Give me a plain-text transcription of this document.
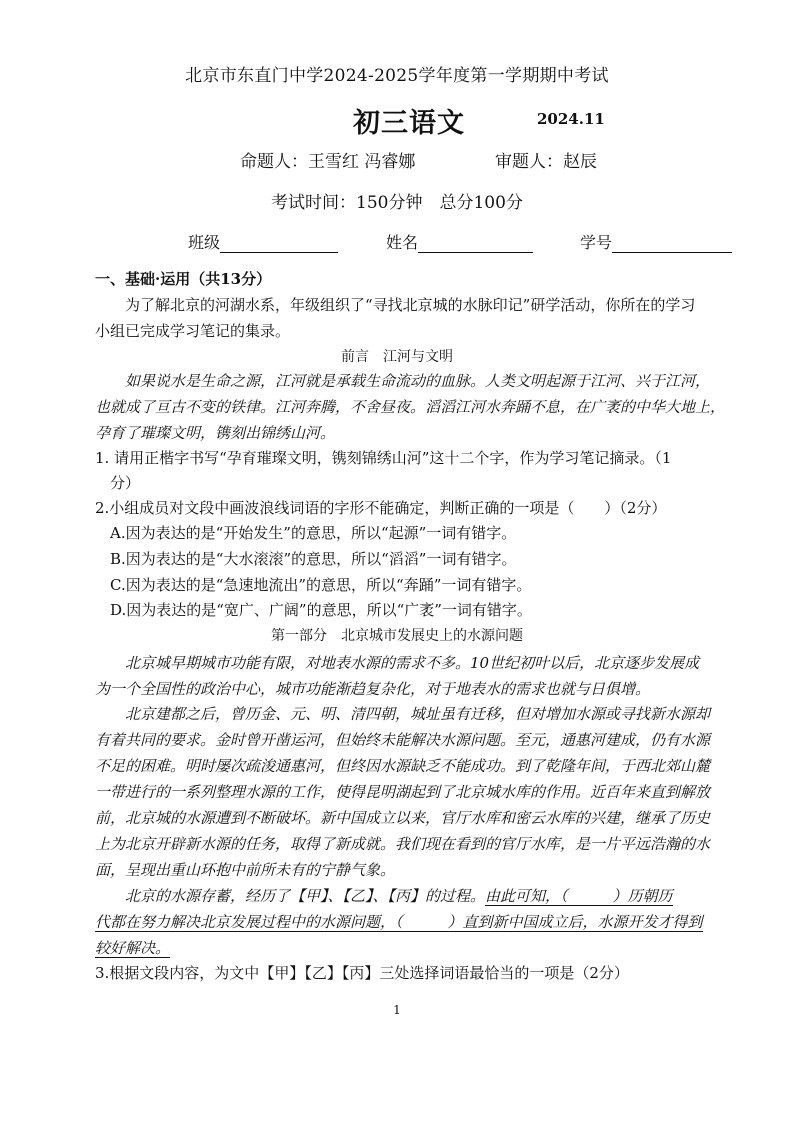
北京市东直门中学2024-2025学年度第一学期期中考试
初三语文	2024.11
命题人：王雪红 冯睿娜	审题人：赵辰
考试时间：150分钟　总分100分
班级	姓名	学号
一、基础·运用（共13分）
为了解北京的河湖水系，年级组织了“寻找北京城的水脉印记”研学活动，你所在的学习
小组已完成学习笔记的集录。
前言　江河与文明
如果说水是生命之源，江河就是承载生命流动的血脉。人类文明起源于江河、兴于江河，
也就成了亘古不变的铁律。江河奔腾，不舍昼夜。滔滔江河水奔踊不息，在广袤的中华大地上，
孕育了璀璨文明，镌刻出锦绣山河。
1. 请用正楷字书写“孕育璀璨文明，镌刻锦绣山河”这十二个字，作为学习笔记摘录。（1
分）
2.小组成员对文段中画波浪线词语的字形不能确定，判断正确的一项是（　　）（2分）
A.因为表达的是“开始发生”的意思，所以“起源”一词有错字。
B.因为表达的是“大水滚滚”的意思，所以“滔滔”一词有错字。
C.因为表达的是“急速地流出”的意思，所以“奔踊”一词有错字。
D.因为表达的是“宽广、广阔”的意思，所以“广袤”一词有错字。
第一部分　北京城市发展史上的水源问题
北京城早期城市功能有限，对地表水源的需求不多。10世纪初叶以后，北京逐步发展成
为一个全国性的政治中心，城市功能渐趋复杂化，对于地表水的需求也就与日俱增。
北京建都之后，曾历金、元、明、清四朝，城址虽有迁移，但对增加水源或寻找新水源却
有着共同的要求。金时曾开凿运河，但始终未能解决水源问题。至元，通惠河建成，仍有水源
不足的困难。明时屡次疏浚通惠河，但终因水源缺乏不能成功。到了乾隆年间，于西北郊山麓
一带进行的一系列整理水源的工作，使得昆明湖起到了北京城水库的作用。近百年来直到解放
前，北京城的水源遭到不断破坏。新中国成立以来，官厅水库和密云水库的兴建，继承了历史
上为北京开辟新水源的任务，取得了新成就。我们现在看到的官厅水库，是一片平远浩瀚的水
面，呈现出重山环抱中前所未有的宁静气象。
北京的水源存蓄，经历了【甲】、【乙】、【丙】的过程。由此可知，（　　　）历朝历
代都在努力解决北京发展过程中的水源问题，（　　　）直到新中国成立后，水源开发才得到
较好解决。
3.根据文段内容，为文中【甲】【乙】【丙】三处选择词语最恰当的一项是（2分）
1
